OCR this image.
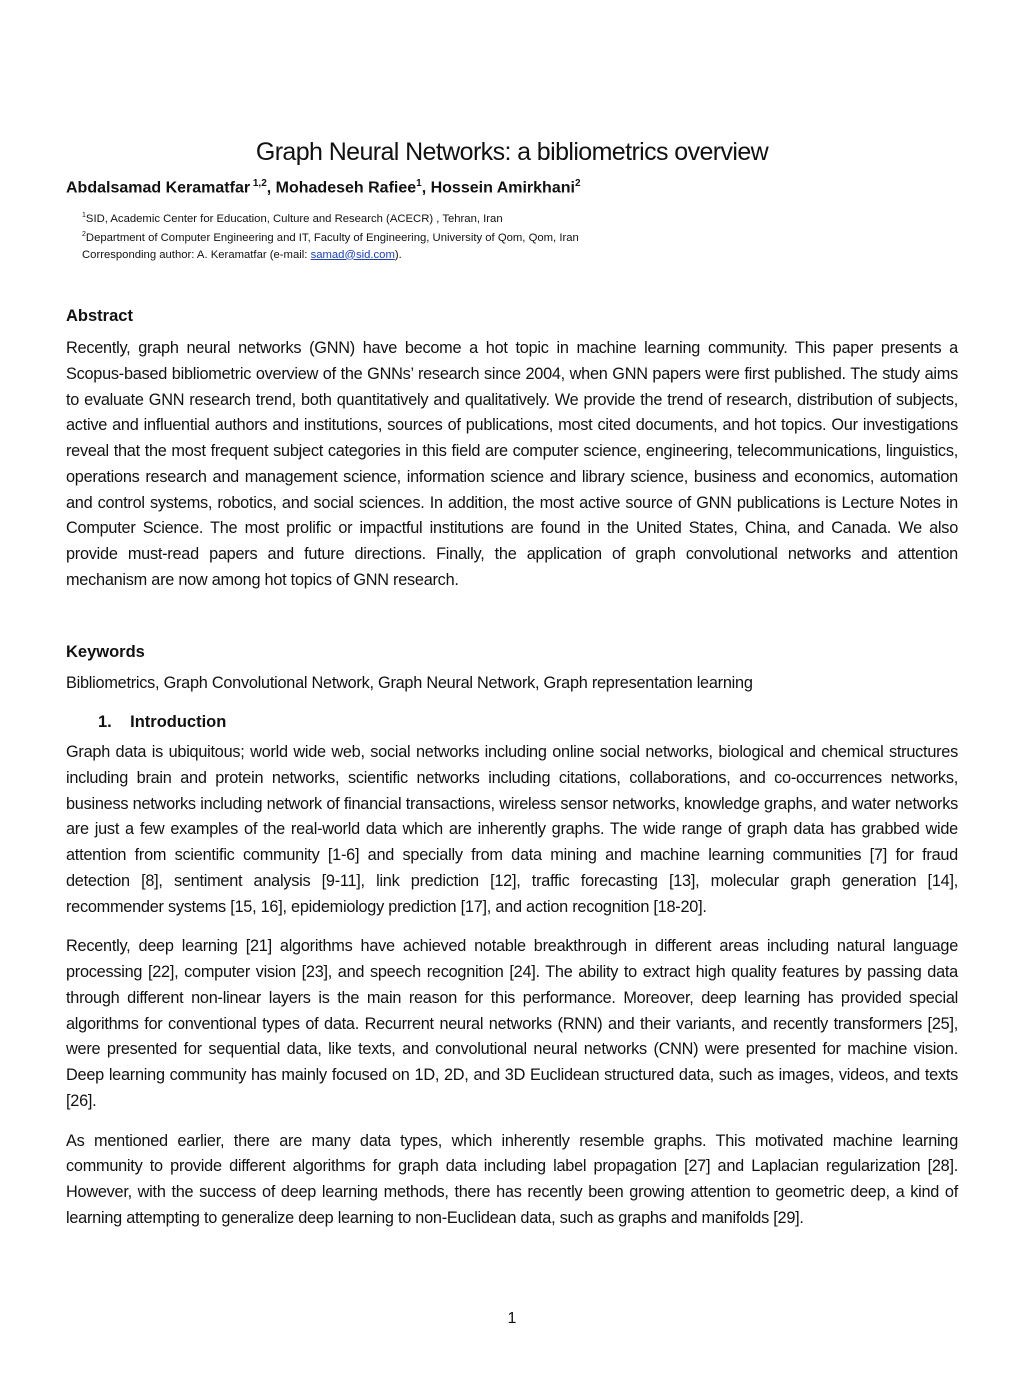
Graph Neural Networks: a bibliometrics overview
Abdalsamad Keramatfar $^{1,2}$, Mohadeseh Rafiee$^1$, Hossein Amirkhani$^2$
$^1$SID, Academic Center for Education, Culture and Research (ACECR) , Tehran, Iran
$^2$Department of Computer Engineering and IT, Faculty of Engineering, University of Qom, Qom, Iran
Corresponding author: A. Keramatfar (e-mail: samad@sid.com).
Abstract

Recently, graph neural networks (GNN) have become a hot topic in machine learning community. This paper presents a Scopus-based bibliometric overview of the GNNs’ research since 2004, when GNN papers were first published. The study aims to evaluate GNN research trend, both quantitatively and qualitatively. We provide the trend of research, distribution of subjects, active and influential authors and institutions, sources of publications, most cited documents, and hot topics. Our investigations reveal that the most frequent subject categories in this field are computer science, engineering, telecommunications, linguistics, operations research and management science, information science and library science, business and economics, automation and control systems, robotics, and social sciences. In addition, the most active source of GNN publications is Lecture Notes in Computer Science. The most prolific or impactful institutions are found in the United States, China, and Canada. We also provide must-read papers and future directions. Finally, the application of graph convolutional networks and attention mechanism are now among hot topics of GNN research.

Keywords

Bibliometrics, Graph Convolutional Network, Graph Neural Network, Graph representation learning

1. Introduction

Graph data is ubiquitous; world wide web, social networks including online social networks, biological and chemical structures including brain and protein networks, scientific networks including citations, collaborations, and co-occurrences networks, business networks including network of financial transactions, wireless sensor networks, knowledge graphs, and water networks are just a few examples of the real-world data which are inherently graphs. The wide range of graph data has grabbed wide attention from scientific community [1-6] and specially from data mining and machine learning communities [7] for fraud detection [8], sentiment analysis [9-11], link prediction [12], traffic forecasting [13], molecular graph generation [14], recommender systems [15, 16], epidemiology prediction [17], and action recognition [18-20].

Recently, deep learning [21] algorithms have achieved notable breakthrough in different areas including natural language processing [22], computer vision [23], and speech recognition [24]. The ability to extract high quality features by passing data through different non-linear layers is the main reason for this performance. Moreover, deep learning has provided special algorithms for conventional types of data. Recurrent neural networks (RNN) and their variants, and recently transformers [25], were presented for sequential data, like texts, and convolutional neural networks (CNN) were presented for machine vision. Deep learning community has mainly focused on 1D, 2D, and 3D Euclidean structured data, such as images, videos, and texts [26].

As mentioned earlier, there are many data types, which inherently resemble graphs. This motivated machine learning community to provide different algorithms for graph data including label propagation [27] and Laplacian regularization [28]. However, with the success of deep learning methods, there has recently been growing attention to geometric deep, a kind of learning attempting to generalize deep learning to non-Euclidean data, such as graphs and manifolds [29].

1
